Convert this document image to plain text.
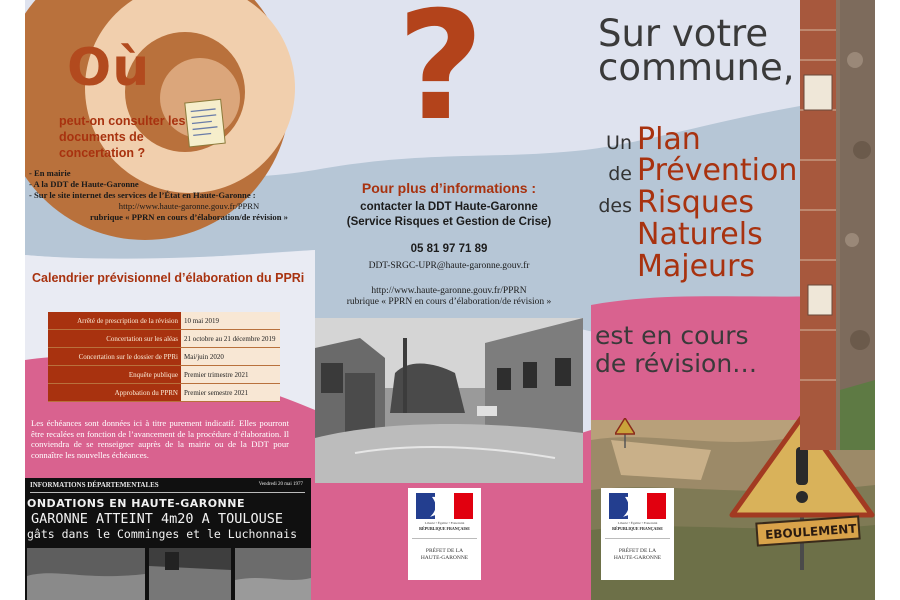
Où
peut-on consulter les documents de concertation ?
- En mairie
- A la DDT de Haute-Garonne
- Sur le site internet des services de l’État en Haute-Garonne :
http://www.haute-garonne.gouv.fr/PPRN
rubrique « PPRN en cours d’élaboration/de révision »
Calendrier prévisionnel d’élaboration du PPRi
Arrêté de prescription de la révision 10 mai 2019
Concertation sur les aléas 21 octobre au 21 décembre 2019
Concertation sur le dossier de PPRi Mai/juin 2020
Enquête publique Premier trimestre 2021
Approbation du PPRN Premier semestre 2021
Les échéances sont données ici à titre purement indicatif. Elles pourront être recalées en fonction de l’avancement de la procédure d’élaboration. Il conviendra de se renseigner auprès de la mairie ou de la DDT pour connaître les nouvelles échéances.
INFORMATIONS DÉPARTEMENTALES	Vendredi 20 mai 1977
ONDATIONS EN HAUTE-GARONNE
GARONNE ATTEINT 4m20 A TOULOUSE
gâts dans le Comminges et le Luchonnais
?
Pour plus d’informations :
contacter la DDT Haute-Garonne
(Service Risques et Gestion de Crise)
05 81 97 71 89
DDT-SRGC-UPR@haute-garonne.gouv.fr
http://www.haute-garonne.gouv.fr/PPRN
rubrique « PPRN en cours d’élaboration/de révision »
Liberté • Égalité • Fraternité
RÉPUBLIQUE FRANÇAISE
PRÉFET DE LA
HAUTE-GARONNE
EBOULEMENT
Sur votre
commune,
Un Plan
de Prévention
des Risques
Naturels
Majeurs
est en cours
de révision…
Liberté • Égalité • Fraternité
RÉPUBLIQUE FRANÇAISE
PRÉFET DE LA
HAUTE-GARONNE
